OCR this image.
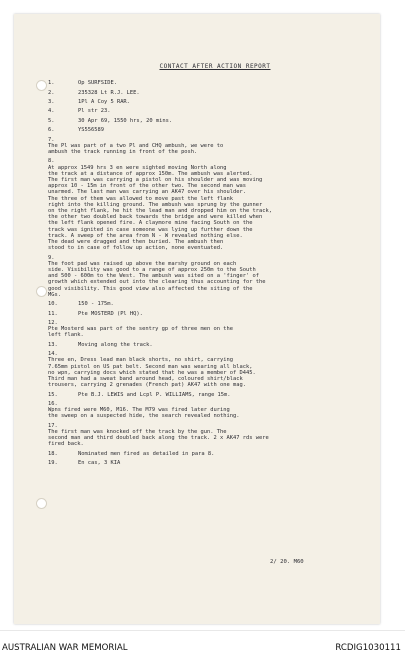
CONTACT AFTER ACTION REPORT
1.	Op SURFSIDE.
2.	235328 Lt R.J. LEE.
3.	1Pl A Coy 5 RAR.
4.	Pl str 23.
5.	30 Apr 69, 1550 hrs, 20 mins.
6.	YS556589
7.

The Pl was part of a two Pl and CHQ ambush, we were to

ambush the track running in front of the posh.

8.

At approx 1549 hrs 3 en were sighted moving North along

the track at a distance of approx 150m. The ambush was alerted.

The first man was carrying a pistol on his shoulder and was moving

approx 10 - 15m in front of the other two. The second man was

unarmed. The last man was carrying an AK47 over his shoulder.

The three of them was allowed to move past the left flank

right into the killing ground. The ambush was sprung by the gunner

on the right flank, he hit the lead man and dropped him on the track,

the other two doubled back towards the bridge and were killed when

the left flank opened fire. A claymore mine facing South on the

track was ignited in case someone was lying up further down the

track. A sweep of the area from N - W revealed nothing else.

The dead were dragged and then buried. The ambush then

stood to in case of follow up action, none eventuated.

9.

The foot pad was raised up above the marshy ground on each

side. Visibility was good to a range of approx 250m to the South

and 500 - 600m to the West. The ambush was sited on a 'finger' of

growth which extended out into the clearing thus accounting for the

good visibility. This good view also affected the siting of the

MGs.

10.	150 - 175m.
11.	Pte MOSTERD (Pl HQ).
12.

Pte Mosterd was part of the sentry gp of three men on the

left flank.

13.	Moving along the track.
14.

Three en, Dress lead man black shorts, no shirt, carrying

7.65mm pistol on US pat belt. Second man was wearing all black,

no wpn, carrying docs which stated that he was a member of D445.

Third man had a sweat band around head, coloured shirt/black

trousers, carrying 2 grenades (French pat) AK47 with one mag.

15.	Pte B.J. LEWIS and Lcpl P. WILLIAMS, range 15m.
16.

Wpns fired were M60, M16. The M79 was fired later during

the sweep on a suspected hide, the search revealed nothing.

17.

The first man was knocked off the track by the gun. The

second man and third doubled back along the track. 2 x AK47 rds were

fired back.

18.	Nominated men fired as detailed in para 8.
19.	En cas, 3 KIA
2/ 20. M60
AUSTRALIAN WAR MEMORIAL	RCDIG1030111
